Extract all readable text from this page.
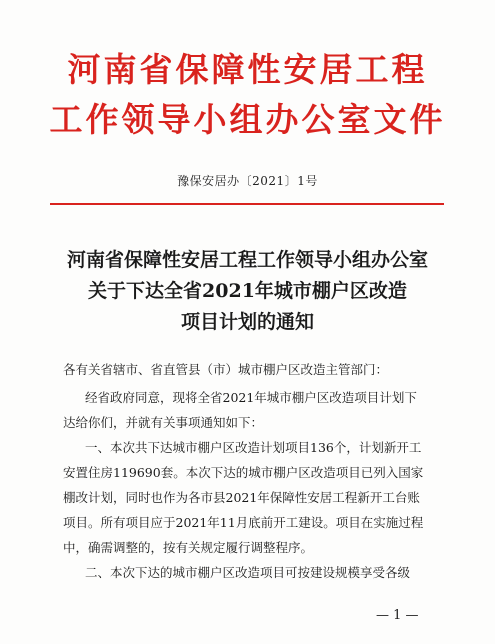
河南省保障性安居工程
工作领导小组办公室文件
豫保安居办〔2021〕1号
河南省保障性安居工程工作领导小组办公室
关于下达全省2021年城市棚户区改造
项目计划的通知
各有关省辖市、省直管县（市）城市棚户区改造主管部门：
经省政府同意，现将全省2021年城市棚户区改造项目计划下
达给你们，并就有关事项通知如下：
一、本次共下达城市棚户区改造计划项目136个，计划新开工
安置住房119690套。本次下达的城市棚户区改造项目已列入国家
棚改计划，同时也作为各市县2021年保障性安居工程新开工台账
项目。所有项目应于2021年11月底前开工建设。项目在实施过程
中，确需调整的，按有关规定履行调整程序。
二、本次下达的城市棚户区改造项目可按建设规模享受各级
— 1 —
